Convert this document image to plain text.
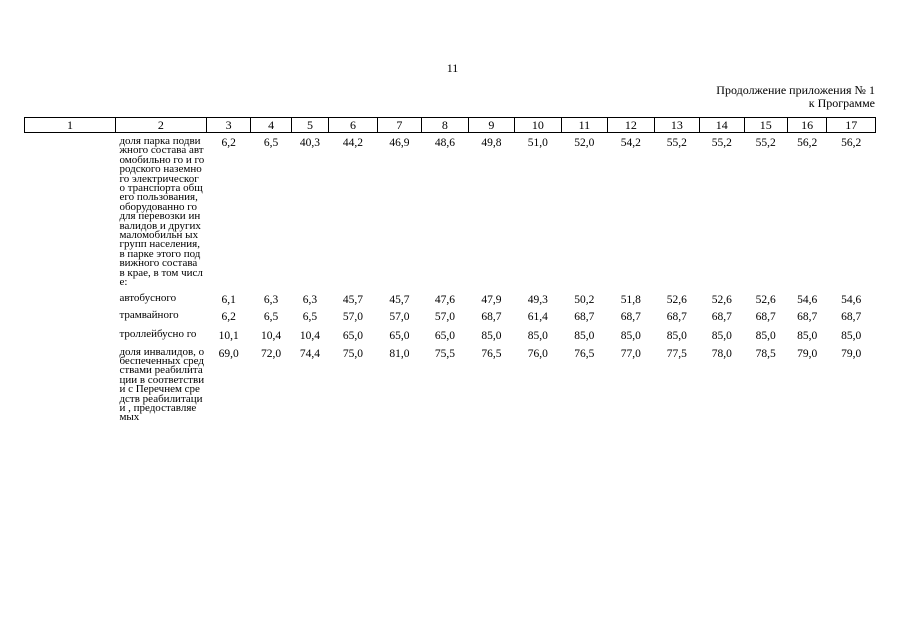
11
Продолжение приложения № 1
к Программе
1	2	3	4	5	6	7	8	9	10	11	12	13	14	15	16	17
	доля парка подвижного состава автомобильно го и городского наземного электрическог о транспорта общего пользования, оборудованно го для перевозки инвалидов и других маломобильн ых групп населения, в парке этого подвижного состава в крае, в том числе:	6,2	6,5	40,3	44,2	46,9	48,6	49,8	51,0	52,0	54,2	55,2	55,2	55,2	56,2	56,2
	автобусного	6,1	6,3	6,3	45,7	45,7	47,6	47,9	49,3	50,2	51,8	52,6	52,6	52,6	54,6	54,6
	трамвайного	6,2	6,5	6,5	57,0	57,0	57,0	68,7	61,4	68,7	68,7	68,7	68,7	68,7	68,7	68,7
	троллейбусно го	10,1	10,4	10,4	65,0	65,0	65,0	85,0	85,0	85,0	85,0	85,0	85,0	85,0	85,0	85,0
	доля инвалидов, обеспеченных средствами реабилитации в соответствии с Перечнем средств реабилитации , предоставляе мых	69,0	72,0	74,4	75,0	81,0	75,5	76,5	76,0	76,5	77,0	77,5	78,0	78,5	79,0	79,0
